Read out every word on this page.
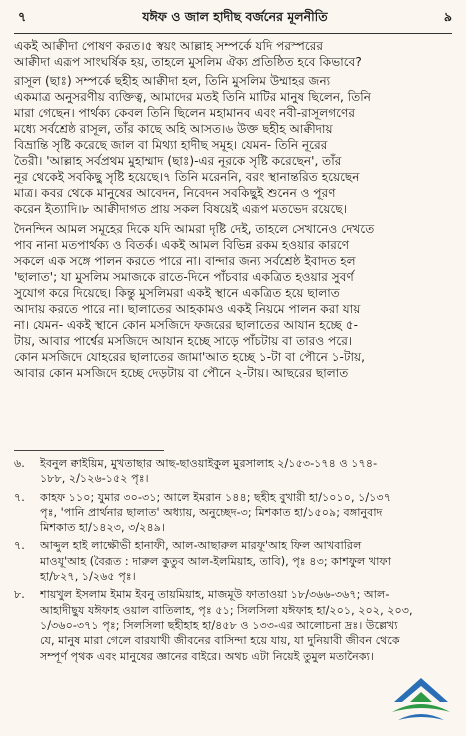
৭	যঈফ ও জাল হাদীছ বর্জনের মূলনীতি	৯

একই আক্বীদা পোষণ করত।৫ স্বয়ং আল্লাহ সম্পর্কে যদি পরস্পরের
আক্বীদা এরূপ সাংঘর্ষিক হয়, তাহলে মুসলিম ঐক্য প্রতিষ্ঠিত হবে কিভাবে?

রাসূল (ছাঃ) সম্পর্কে ছহীহ আক্বীদা হল, তিনি মুসলিম উম্মাহর জন্য
একমাত্র অনুসরণীয় ব্যক্তিত্ব, আমাদের মতই তিনি মাটির মানুষ ছিলেন, তিনি
মারা গেছেন। পার্থক্য কেবল তিনি ছিলেন মহামানব এবং নবী-রাসূলগণের
মধ্যে সর্বশ্রেষ্ঠ রাসূল, তাঁর কাছে অহি আসত।৬ উক্ত ছহীহ আক্বীদায়
বিভ্রান্তি সৃষ্টি করেছে জাল বা মিথ্যা হাদীছ সমূহ। যেমন- তিনি নূরের
তৈরী। 'আল্লাহ সর্বপ্রথম মুহাম্মাদ (ছাঃ)-এর নূরকে সৃষ্টি করেছেন', তাঁর
নূর থেকেই সবকিছু সৃষ্টি হয়েছে।৭ তিনি মরেননি, বরং স্থানান্তরিত হয়েছেন
মাত্র। কবর থেকে মানুষের আবেদন, নিবেদন সবকিছুই শুনেন ও পূরণ
করেন ইত্যাদি।৮ আক্বীদাগত প্রায় সকল বিষয়েই এরূপ মতভেদ রয়েছে।

দৈনন্দিন আমল সমূহের দিকে যদি আমরা দৃষ্টি দেই, তাহলে সেখানেও দেখতে
পাব নানা মতপার্থক্য ও বিতর্ক। একই আমল বিভিন্ন রকম হওয়ার কারণে
সকলে এক সঙ্গে পালন করতে পারে না। বান্দার জন্য সর্বশ্রেষ্ঠ ইবাদত হল
'ছালাত'; যা মুসলিম সমাজকে রাতে-দিনে পাঁচবার একত্রিত হওয়ার সুবর্ণ
সুযোগ করে দিয়েছে। কিন্তু মুসলিমরা একই স্থানে একত্রিত হয়ে ছালাত
আদায় করতে পারে না। ছালাতের আহকামও একই নিয়মে পালন করা যায়
না। যেমন- একই স্থানে কোন মসজিদে ফজরের ছালাতের আযান হচ্ছে ৫-
টায়, আবার পার্শ্বের মসজিদে আযান হচ্ছে সাড়ে পাঁচটায় বা তারও পরে।
কোন মসজিদে যোহরের ছালাতের জামা'আত হচ্ছে ১-টা বা পৌনে ১-টায়,
আবার কোন মসজিদে হচ্ছে দেড়টায় বা পৌনে ২-টায়। আছরের ছালাত

৬.	ইবনুল ক্বাইয়িম, মুখতাছার আছ-ছাওয়াইকুল মুরসালাহ ২/১৫৩-১৭৪ ও ১৭৪-
১৮৮, ২/১২৬-১৫২ পৃঃ।
৭.	কাহফ ১১০; যুমার ৩০-৩১; আলে ইমরান ১৪৪; ছহীহ বুখারী হা/১০১০, ১/১৩৭
পৃঃ, 'পানি প্রার্থনার ছালাত' অধ্যায়, অনুচ্ছেদ-৩; মিশকাত হা/১৫০৯; বঙ্গানুবাদ
মিশকাত হা/১৪২৩, ৩/২৪৯।
৭.	আব্দুল হাই লাক্ষৌভী হানাফী, আল-আছারুল মারফূ'আহ ফিল আখবারিল
মাওযূ'আহ (বৈরূত : দারুল কুতুব আল-ইলমিয়াহ, তাবি), পৃঃ ৪৩; কাশফুল খাফা
হা/৮২৭, ১/২৬৫ পৃঃ।
৮.	শায়খুল ইসলাম ইমাম ইবনু তায়মিয়াহ, মাজমূউ ফাতাওয়া ১৮/৩৬৬-৩৬৭; আল-
আহাদীছুয যঈফাহ ওয়াল বাতিলাহ, পৃঃ ৫১; সিলসিলা যঈফাহ হা/২০১, ২০২, ২০৩,
১/৩৬০-৩৭১ পৃঃ; সিলসিলা ছহীহাহ হা/৪৫৮ ও ১৩৩-এর আলোচনা দ্রঃ। উল্লেখ্য
যে, মানুষ মারা গেলে বারযাখী জীবনের বাসিন্দা হয়ে যায়, যা দুনিয়াবী জীবন থেকে
সম্পূর্ণ পৃথক এবং মানুষের জ্ঞানের বাইরে। অথচ এটা নিয়েই তুমুল মতানৈক্য।
